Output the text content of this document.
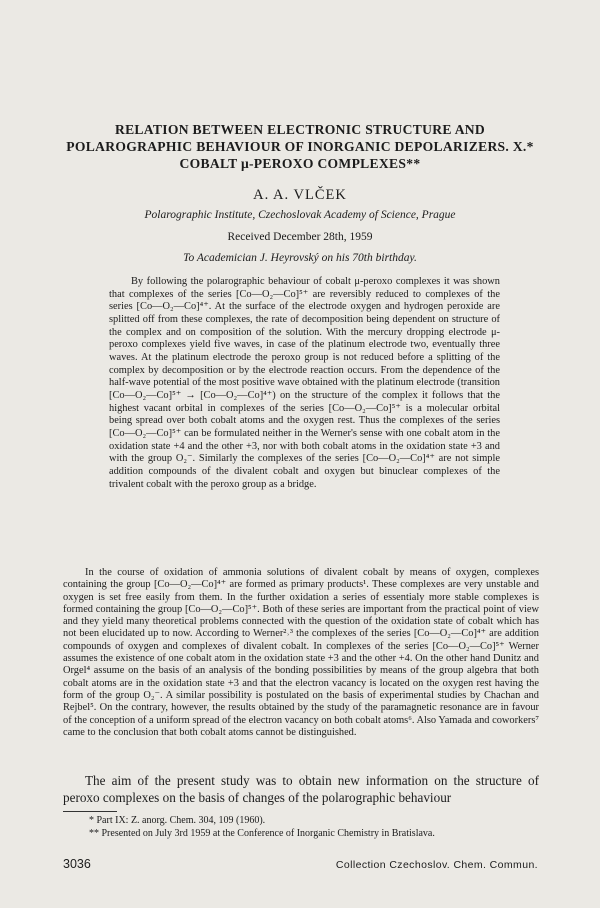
RELATION BETWEEN ELECTRONIC STRUCTURE AND
POLAROGRAPHIC BEHAVIOUR OF INORGANIC DEPOLARIZERS. X.*
COBALT μ-PEROXO COMPLEXES**
A. A. VLČEK
Polarographic Institute, Czechoslovak Academy of Science, Prague
Received December 28th, 1959
To Academician J. Heyrovský on his 70th birthday.

By following the polarographic behaviour of cobalt μ-peroxo complexes it was shown that complexes of the series [Co—O₂—Co]⁵⁺ are reversibly reduced to complexes of the series [Co—O₂—Co]⁴⁺. At the surface of the electrode oxygen and hydrogen peroxide are splitted off from these complexes, the rate of decomposition being dependent on structure of the complex and on composition of the solution. With the mercury dropping electrode μ-peroxo complexes yield five waves, in case of the platinum electrode two, eventually three waves. At the platinum electrode the peroxo group is not reduced before a splitting of the complex by decomposition or by the electrode reaction occurs. From the dependence of the half-wave potential of the most positive wave obtained with the platinum electrode (transition [Co—O₂—Co]⁵⁺ → [Co—O₂—Co]⁴⁺) on the structure of the complex it follows that the highest vacant orbital in complexes of the series [Co—O₂—Co]⁵⁺ is a molecular orbital being spread over both cobalt atoms and the oxygen rest. Thus the complexes of the series [Co—O₂—Co]⁵⁺ can be formulated neither in the Werner's sense with one cobalt atom in the oxidation state +4 and the other +3, nor with both cobalt atoms in the oxidation state +3 and with the group O₂⁻. Similarly the complexes of the series [Co—O₂—Co]⁴⁺ are not simple addition compounds of the divalent cobalt and oxygen but binuclear complexes of the trivalent cobalt with the peroxo group as a bridge.

In the course of oxidation of ammonia solutions of divalent cobalt by means of oxygen, complexes containing the group [Co—O₂—Co]⁴⁺ are formed as primary products¹. These complexes are very unstable and oxygen is set free easily from them. In the further oxidation a series of essentialy more stable complexes is formed containing the group [Co—O₂—Co]⁵⁺. Both of these series are important from the practical point of view and they yield many theoretical problems connected with the question of the oxidation state of cobalt which has not been elucidated up to now. According to Werner²˒³ the complexes of the series [Co—O₂—Co]⁴⁺ are addition compounds of oxygen and complexes of divalent cobalt. In complexes of the series [Co—O₂—Co]⁵⁺ Werner assumes the existence of one cobalt atom in the oxidation state +3 and the other +4. On the other hand Dunitz and Orgel⁴ assume on the basis of an analysis of the bonding possibilities by means of the group algebra that both cobalt atoms are in the oxidation state +3 and that the electron vacancy is located on the oxygen rest having the form of the group O₂⁻. A similar possibility is postulated on the basis of experimental studies by Chachan and Rejbel⁵. On the contrary, however, the results obtained by the study of the paramagnetic resonance are in favour of the conception of a uniform spread of the electron vacancy on both cobalt atoms⁶. Also Yamada and coworkers⁷ came to the conclusion that both cobalt atoms cannot be distinguished.

The aim of the present study was to obtain new information on the structure of peroxo complexes on the basis of changes of the polarographic behaviour

* Part IX: Z. anorg. Chem. 304, 109 (1960).
** Presented on July 3rd 1959 at the Conference of Inorganic Chemistry in Bratislava.
3036	Collection Czechoslov. Chem. Commun.
